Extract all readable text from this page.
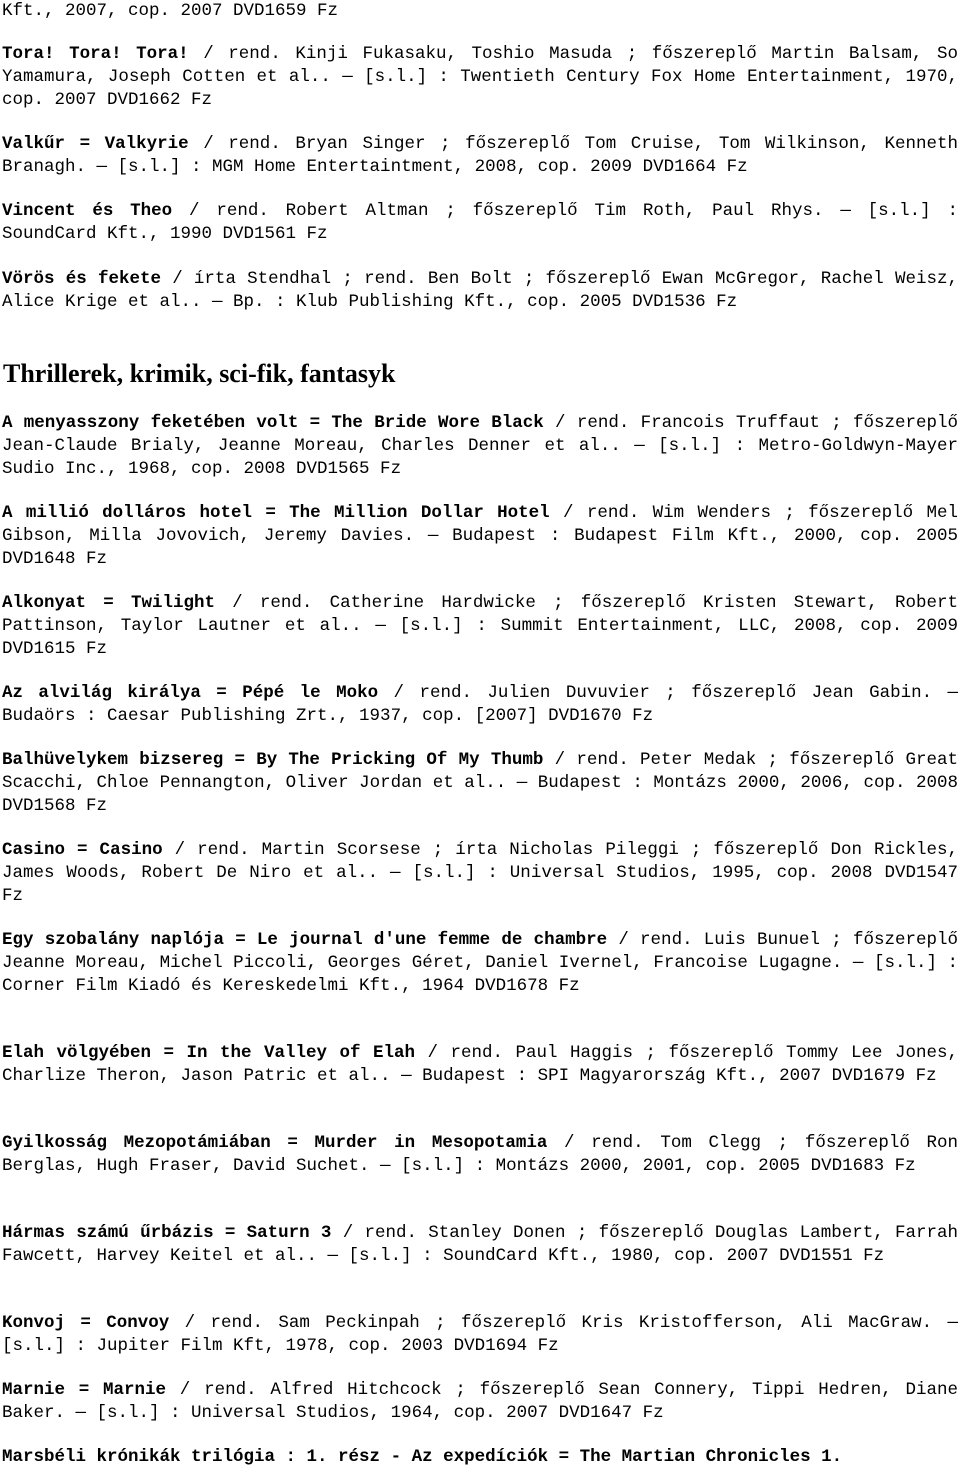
Kft., 2007, cop. 2007 DVD1659 Fz
Tora! Tora! Tora! / rend. Kinji Fukasaku, Toshio Masuda ; főszereplő Martin Balsam, So Yamamura, Joseph Cotten et al.. — [s.l.] : Twentieth Century Fox Home Entertainment, 1970, cop. 2007 DVD1662 Fz
Valkűr = Valkyrie / rend. Bryan Singer ; főszereplő Tom Cruise, Tom Wilkinson, Kenneth Branagh. — [s.l.] : MGM Home Entertaintment, 2008, cop. 2009 DVD1664 Fz
Vincent és Theo / rend. Robert Altman ; főszereplő Tim Roth, Paul Rhys. — [s.l.] : SoundCard Kft., 1990 DVD1561 Fz
Vörös és fekete / írta Stendhal ; rend. Ben Bolt ; főszereplő Ewan McGregor, Rachel Weisz, Alice Krige et al.. — Bp. : Klub Publishing Kft., cop. 2005 DVD1536 Fz
Thrillerek, krimik, sci-fik, fantasyk
A menyasszony feketében volt = The Bride Wore Black / rend. Francois Truffaut ; főszereplő Jean-Claude Brialy, Jeanne Moreau, Charles Denner et al.. — [s.l.] : Metro-Goldwyn-Mayer Sudio Inc., 1968, cop. 2008 DVD1565 Fz
A millió dolláros hotel = The Million Dollar Hotel / rend. Wim Wenders ; főszereplő Mel Gibson, Milla Jovovich, Jeremy Davies. — Budapest : Budapest Film Kft., 2000, cop. 2005 DVD1648 Fz
Alkonyat = Twilight / rend. Catherine Hardwicke ; főszereplő Kristen Stewart, Robert Pattinson, Taylor Lautner et al.. — [s.l.] : Summit Entertainment, LLC, 2008, cop. 2009 DVD1615 Fz
Az alvilág királya = Pépé le Moko / rend. Julien Duvuvier ; főszereplő Jean Gabin. — Budaörs : Caesar Publishing Zrt., 1937, cop. [2007] DVD1670 Fz
Balhüvelykem bizsereg = By The Pricking Of My Thumb / rend. Peter Medak ; főszereplő Great Scacchi, Chloe Pennangton, Oliver Jordan et al.. — Budapest : Montázs 2000, 2006, cop. 2008 DVD1568 Fz
Casino = Casino / rend. Martin Scorsese ; írta Nicholas Pileggi ; főszereplő Don Rickles, James Woods, Robert De Niro et al.. — [s.l.] : Universal Studios, 1995, cop. 2008 DVD1547 Fz
Egy szobalány naplója = Le journal d'une femme de chambre / rend. Luis Bunuel ; főszereplő Jeanne Moreau, Michel Piccoli, Georges Géret, Daniel Ivernel, Francoise Lugagne. — [s.l.] : Corner Film Kiadó és Kereskedelmi Kft., 1964 DVD1678 Fz
Elah völgyében = In the Valley of Elah / rend. Paul Haggis ; főszereplő Tommy Lee Jones, Charlize Theron, Jason Patric et al.. — Budapest : SPI Magyarország Kft., 2007 DVD1679 Fz
Gyilkosság Mezopotámiában = Murder in Mesopotamia / rend. Tom Clegg ; főszereplő Ron Berglas, Hugh Fraser, David Suchet. — [s.l.] : Montázs 2000, 2001, cop. 2005 DVD1683 Fz
Hármas számú űrbázis = Saturn 3 / rend. Stanley Donen ; főszereplő Douglas Lambert, Farrah Fawcett, Harvey Keitel et al.. — [s.l.] : SoundCard Kft., 1980, cop. 2007 DVD1551 Fz
Konvoj = Convoy / rend. Sam Peckinpah ; főszereplő Kris Kristofferson, Ali MacGraw. — [s.l.] : Jupiter Film Kft, 1978, cop. 2003 DVD1694 Fz
Marnie = Marnie / rend. Alfred Hitchcock ; főszereplő Sean Connery, Tippi Hedren, Diane Baker. — [s.l.] : Universal Studios, 1964, cop. 2007 DVD1647 Fz
Marsbéli krónikák trilógia : 1. rész - Az expedíciók = The Martian Chronicles 1.
